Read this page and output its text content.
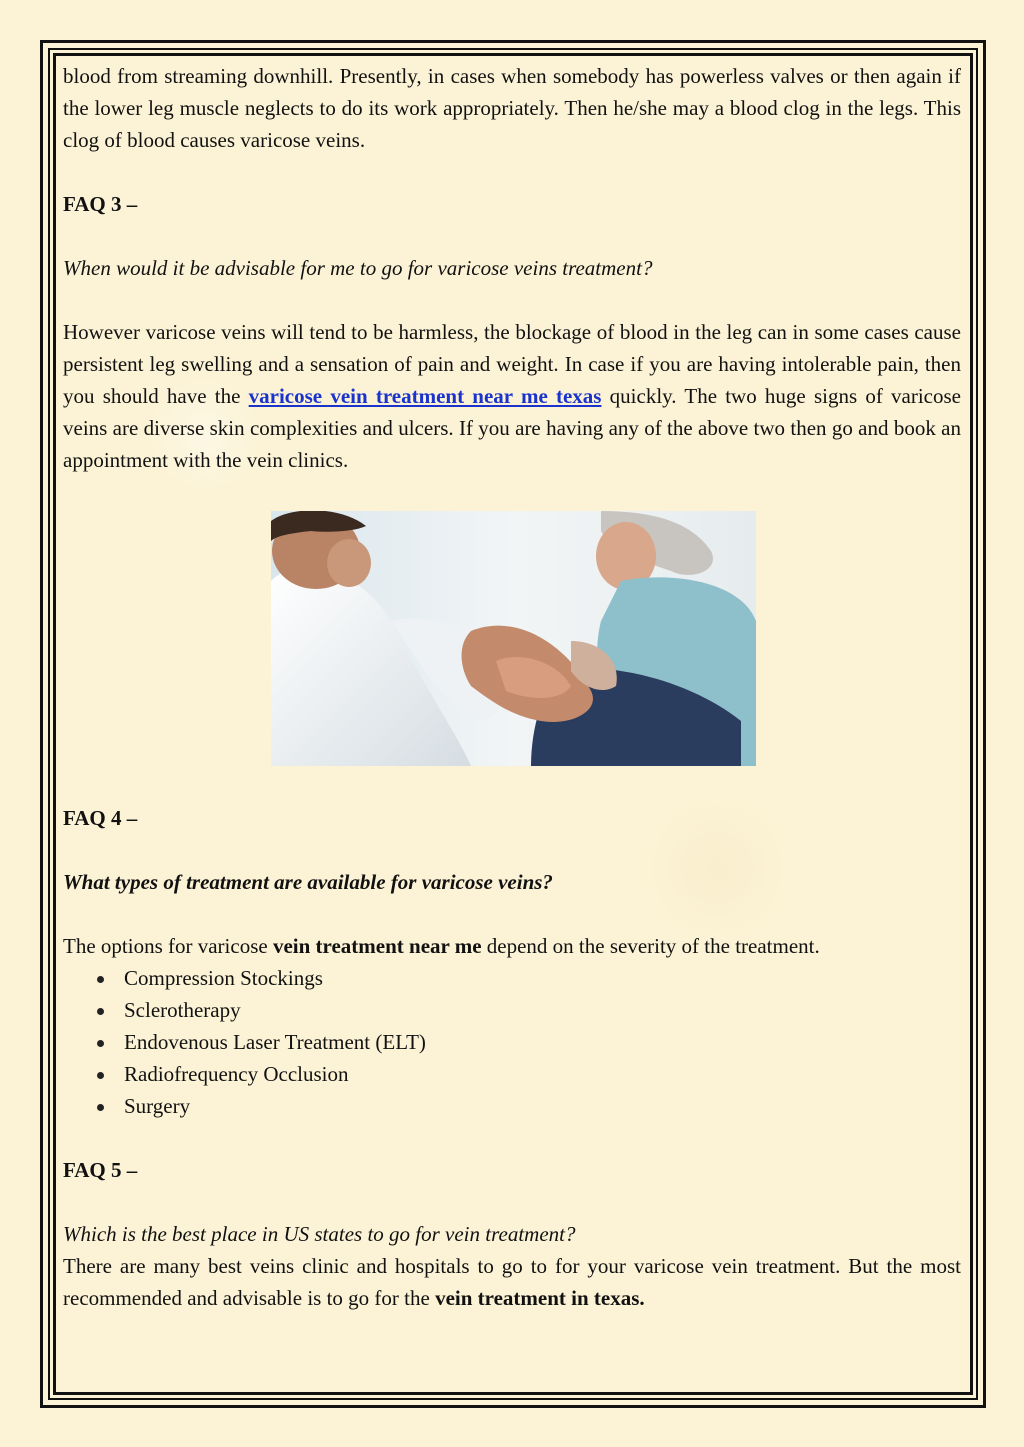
blood from streaming downhill. Presently, in cases when somebody has powerless valves or then again if the lower leg muscle neglects to do its work appropriately. Then he/she may a blood clog in the legs. This clog of blood causes varicose veins.

FAQ 3 –

When would it be advisable for me to go for varicose veins treatment?

However varicose veins will tend to be harmless, the blockage of blood in the leg can in some cases cause persistent leg swelling and a sensation of pain and weight. In case if you are having intolerable pain, then you should have the varicose vein treatment near me texas quickly. The two huge signs of varicose veins are diverse skin complexities and ulcers. If you are having any of the above two then go and book an appointment with the vein clinics.

FAQ 4 –

What types of treatment are available for varicose veins?

The options for varicose vein treatment near me depend on the severity of the treatment.

Compression Stockings
Sclerotherapy
Endovenous Laser Treatment (ELT)
Radiofrequency Occlusion
Surgery

FAQ 5 –

Which is the best place in US states to go for vein treatment?

There are many best veins clinic and hospitals to go to for your varicose vein treatment. But the most recommended and advisable is to go for the vein treatment in texas.
